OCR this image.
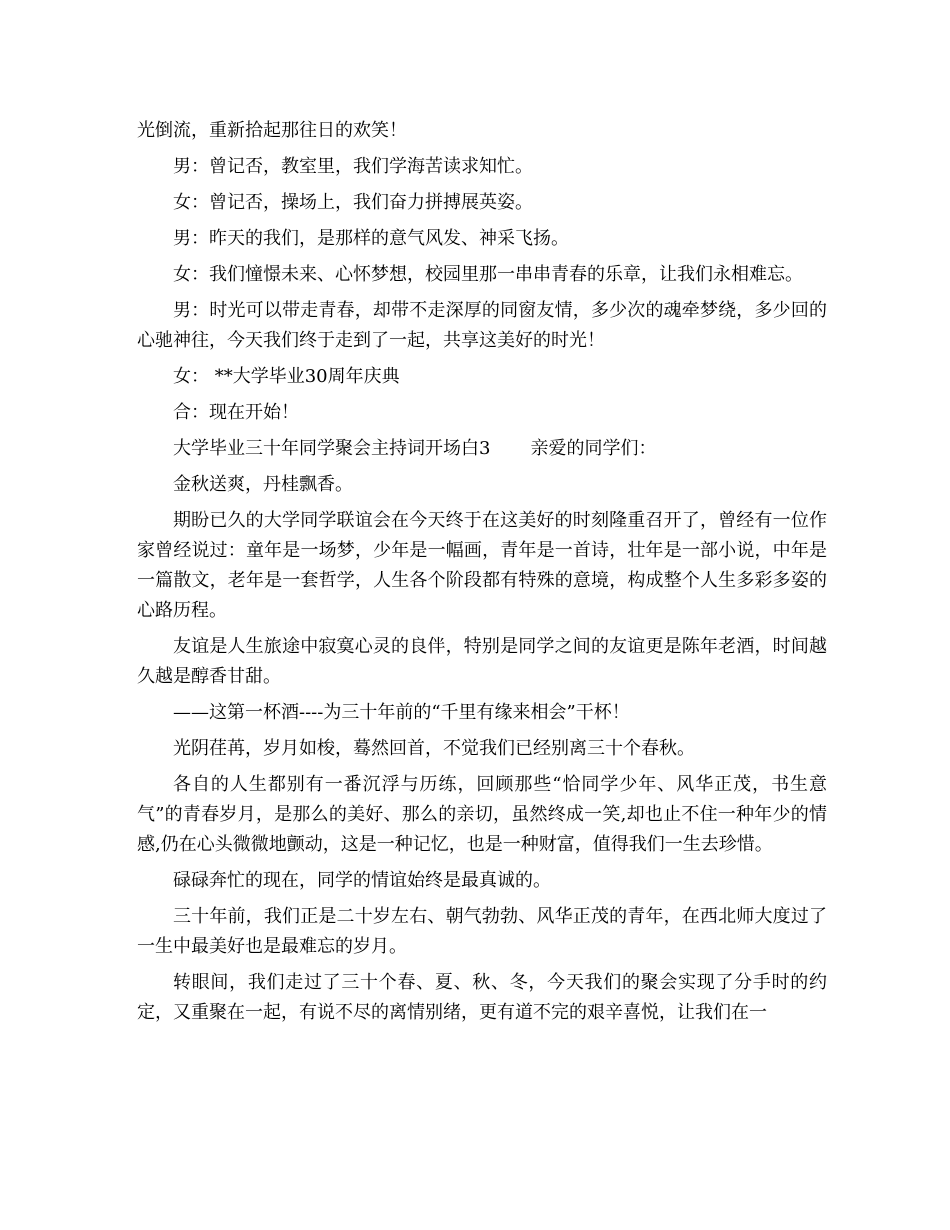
光倒流，重新拾起那往日的欢笑！

男：曾记否，教室里，我们学海苦读求知忙。

女：曾记否，操场上，我们奋力拼搏展英姿。

男：昨天的我们，是那样的意气风发、神采飞扬。

女：我们憧憬未来、心怀梦想，校园里那一串串青春的乐章，让我们永相难忘。

男：时光可以带走青春，却带不走深厚的同窗友情，多少次的魂牵梦绕，多少回的心驰神往，今天我们终于走到了一起，共享这美好的时光！

女： **大学毕业30周年庆典

合：现在开始！

大学毕业三十年同学聚会主持词开场白3 亲爱的同学们：

金秋送爽，丹桂飘香。

期盼已久的大学同学联谊会在今天终于在这美好的时刻隆重召开了，曾经有一位作家曾经说过：童年是一场梦，少年是一幅画，青年是一首诗，壮年是一部小说，中年是一篇散文，老年是一套哲学，人生各个阶段都有特殊的意境，构成整个人生多彩多姿的心路历程。

友谊是人生旅途中寂寞心灵的良伴，特别是同学之间的友谊更是陈年老酒，时间越久越是醇香甘甜。

——这第一杯酒----为三十年前的“千里有缘来相会”干杯！

光阴荏苒，岁月如梭，蓦然回首，不觉我们已经别离三十个春秋。

各自的人生都别有一番沉浮与历练，回顾那些“恰同学少年、风华正茂，书生意气”的青春岁月，是那么的美好、那么的亲切，虽然终成一笑,却也止不住一种年少的情感,仍在心头微微地颤动，这是一种记忆，也是一种财富，值得我们一生去珍惜。

碌碌奔忙的现在，同学的情谊始终是最真诚的。

三十年前，我们正是二十岁左右、朝气勃勃、风华正茂的青年，在西北师大度过了一生中最美好也是最难忘的岁月。

转眼间，我们走过了三十个春、夏、秋、冬，今天我们的聚会实现了分手时的约定，又重聚在一起，有说不尽的离情别绪，更有道不完的艰辛喜悦，让我们在一
